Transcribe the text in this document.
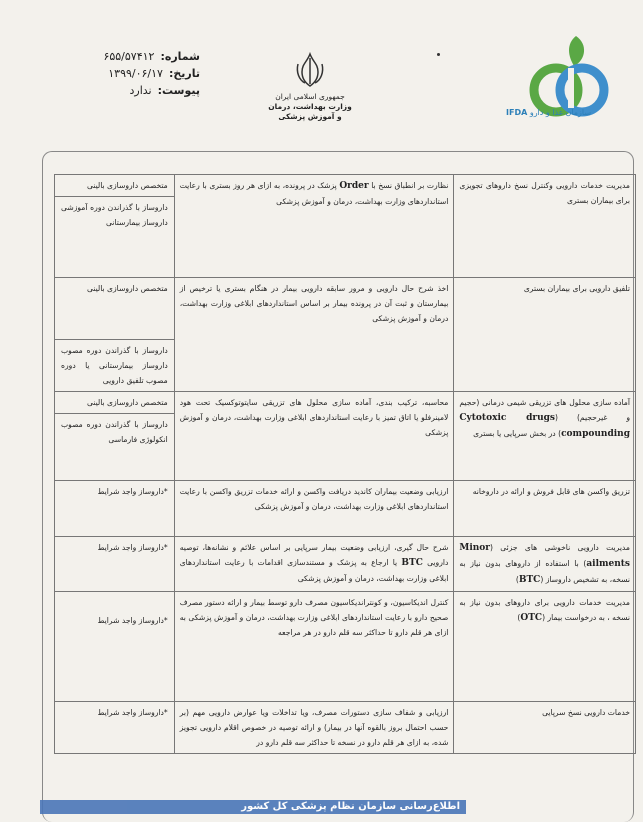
شماره:
۶۵۵/۵۷۴۱۲
تاریخ:
۱۳۹۹/۰۶/۱۷
پیوست:
ندارد	جمهوری اسلامی ایران
وزارت بهداشت، درمان
و آموزش پزشکی	سازمان غذا و دارو IFDA
مدیریت خدمات دارویی وکنترل نسخ داروهای تجویزی برای بیماران بستری	نظارت بر انطباق نسخ با Order پزشک در پرونده، به ازای هر روز بستری با رعایت استانداردهای وزارت بهداشت، درمان و آموزش پزشکی	متخصص داروسازی بالینی
داروساز با گذراندن دوره آموزشی داروساز بیمارستانی

تلفیق دارویی برای بیماران بستری	اخذ شرح حال دارویی و مرور سابقه دارویی بیمار در هنگام بستری یا ترخیص از بیمارستان و ثبت آن در پرونده بیمار بر اساس استانداردهای ابلاغی وزارت بهداشت، درمان و آموزش پزشکی	متخصص داروسازی بالینی
داروساز با گذراندن دوره مصوب داروساز بیمارستانی یا دوره مصوب تلفیق دارویی

آماده سازی محلول های تزریقی شیمی درمانی (حجیم و غیرحجیم) (Cytotoxic drugs compounding) در بخش سرپایی یا بستری	محاسبه، ترکیب بندی، آماده سازی محلول های تزریقی سایتوتوکسیک تحت هود لامینرفلو یا اتاق تمیز با رعایت استانداردهای ابلاغی وزارت بهداشت، درمان و آموزش پزشکی	متخصص داروسازی بالینی
داروساز با گذراندن دوره مصوب انکولوژی فارماسی

تزریق واکسن های قابل فروش و ارائه در داروخانه	ارزیابی وضعیت بیماران کاندید دریافت واکسن و ارائه خدمات تزریق واکسن با رعایت استانداردهای ابلاغی وزارت بهداشت، درمان و آموزش پزشکی	*داروساز واجد شرایط

مدیریت دارویی ناخوشی های جزئی (Minor ailments) با استفاده از داروهای بدون نیاز به نسخه، به تشخیص داروساز (BTC)	شرح حال گیری، ارزیابی وضعیت بیمار سرپایی بر اساس علائم و نشانه‌ها، توصیه دارویی BTC یا ارجاع به پزشک و مستندسازی اقدامات با رعایت استانداردهای ابلاغی وزارت بهداشت، درمان و آموزش پزشکی	*داروساز واجد شرایط

مدیریت خدمات دارویی برای داروهای بدون نیاز به نسخه ، به درخواست بیمار (OTC)	کنترل اندیکاسیون، و کونتراندیکاسیون مصرف دارو توسط بیمار و ارائه دستور مصرف صحیح دارو با رعایت استانداردهای ابلاغی وزارت بهداشت، درمان و آموزش پزشکی به ازای هر قلم دارو تا حداکثر سه قلم دارو در هر مراجعه	*داروساز واجد شرایط

خدمات دارویی نسخ سرپایی	ارزیابی و شفاف سازی دستورات مصرف، ویا تداخلات ویا عوارض دارویی مهم (بر حسب احتمال بروز بالقوه آنها در بیمار) و ارائه توصیه در خصوص اقلام دارویی تجویز شده، به ازای هر قلم دارو در نسخه تا حداکثر سه قلم دارو در	*داروساز واجد شرایط
اطلاع‌رسانی سازمان نظام پزشکی کل کشور
